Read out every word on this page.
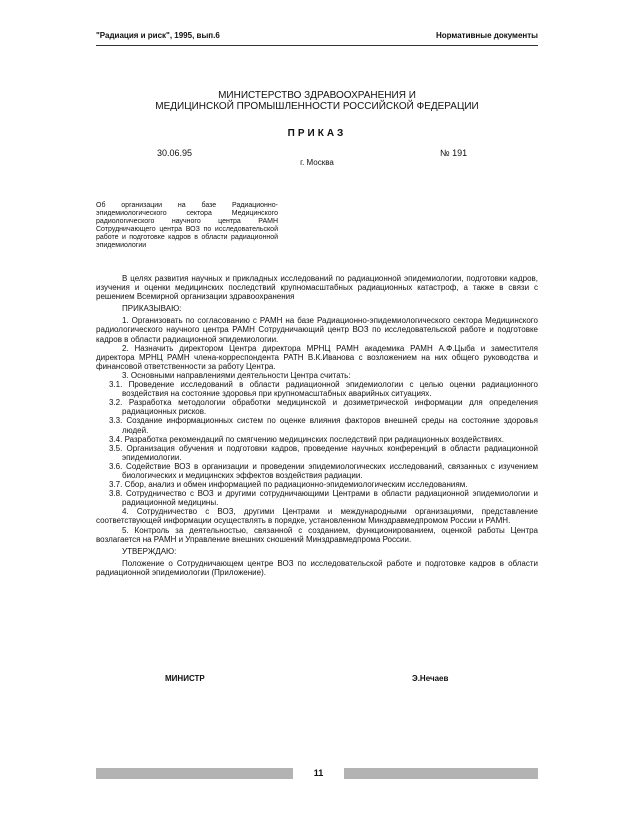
"Радиация и риск", 1995, вып.6	Нормативные документы
МИНИСТЕРСТВО ЗДРАВООХРАНЕНИЯ И
МЕДИЦИНСКОЙ ПРОМЫШЛЕННОСТИ РОССИЙСКОЙ ФЕДЕРАЦИИ
ПРИКАЗ
30.06.95	№ 191
г. Москва
Об организации на базе Радиационно-эпидемиологического сектора Медицинского радиологического научного центра РАМН Сотрудничающего центра ВОЗ по исследовательской работе и подготовке кадров в области радиационной эпидемиологии

В целях развития научных и прикладных исследований по радиационной эпидемиологии, подготовки кадров, изучения и оценки медицинских последствий крупномасштабных радиационных катастроф, а также в связи с решением Всемирной организации здравоохранения

ПРИКАЗЫВАЮ:

1. Организовать по согласованию с РАМН на базе Радиационно-эпидемиологического сектора Медицинского радиологического научного центра РАМН Сотрудничающий центр ВОЗ по исследовательской работе и подготовке кадров в области радиационной эпидемиологии.

2. Назначить директором Центра директора МРНЦ РАМН академика РАМН А.Ф.Цыба и заместителя директора МРНЦ РАМН члена-корреспондента РАТН В.К.Иванова с возложением на них общего руководства и финансовой ответственности за работу Центра.

3. Основными направлениями деятельности Центра считать:

3.1. Проведение исследований в области радиационной эпидемиологии с целью оценки радиационного воздействия на состояние здоровья при крупномасштабных аварийных ситуациях.

3.2. Разработка методологии обработки медицинской и дозиметрической информации для определения радиационных рисков.

3.3. Создание информационных систем по оценке влияния факторов внешней среды на состояние здоровья людей.

3.4. Разработка рекомендаций по смягчению медицинских последствий при радиационных воздействиях.

3.5. Организация обучения и подготовки кадров, проведение научных конференций в области радиационной эпидемиологии.

3.6. Содействие ВОЗ в организации и проведении эпидемиологических исследований, связанных с изучением биологических и медицинских эффектов воздействия радиации.

3.7. Сбор, анализ и обмен информацией по радиационно-эпидемиологическим исследованиям.

3.8. Сотрудничество с ВОЗ и другими сотрудничающими Центрами в области радиационной эпидемиологии и радиационной медицины.

4. Сотрудничество с ВОЗ, другими Центрами и международными организациями, представление соответствующей информации осуществлять в порядке, установленном Минздравмедпромом России и РАМН.

5. Контроль за деятельностью, связанной с созданием, функционированием, оценкой работы Центра возлагается на РАМН и Управление внешних сношений Минздравмедпрома России.

УТВЕРЖДАЮ:

Положение о Сотрудничающем центре ВОЗ по исследовательской работе и подготовке кадров в области радиационной эпидемиологии (Приложение).

МИНИСТР	Э.Нечаев
11
